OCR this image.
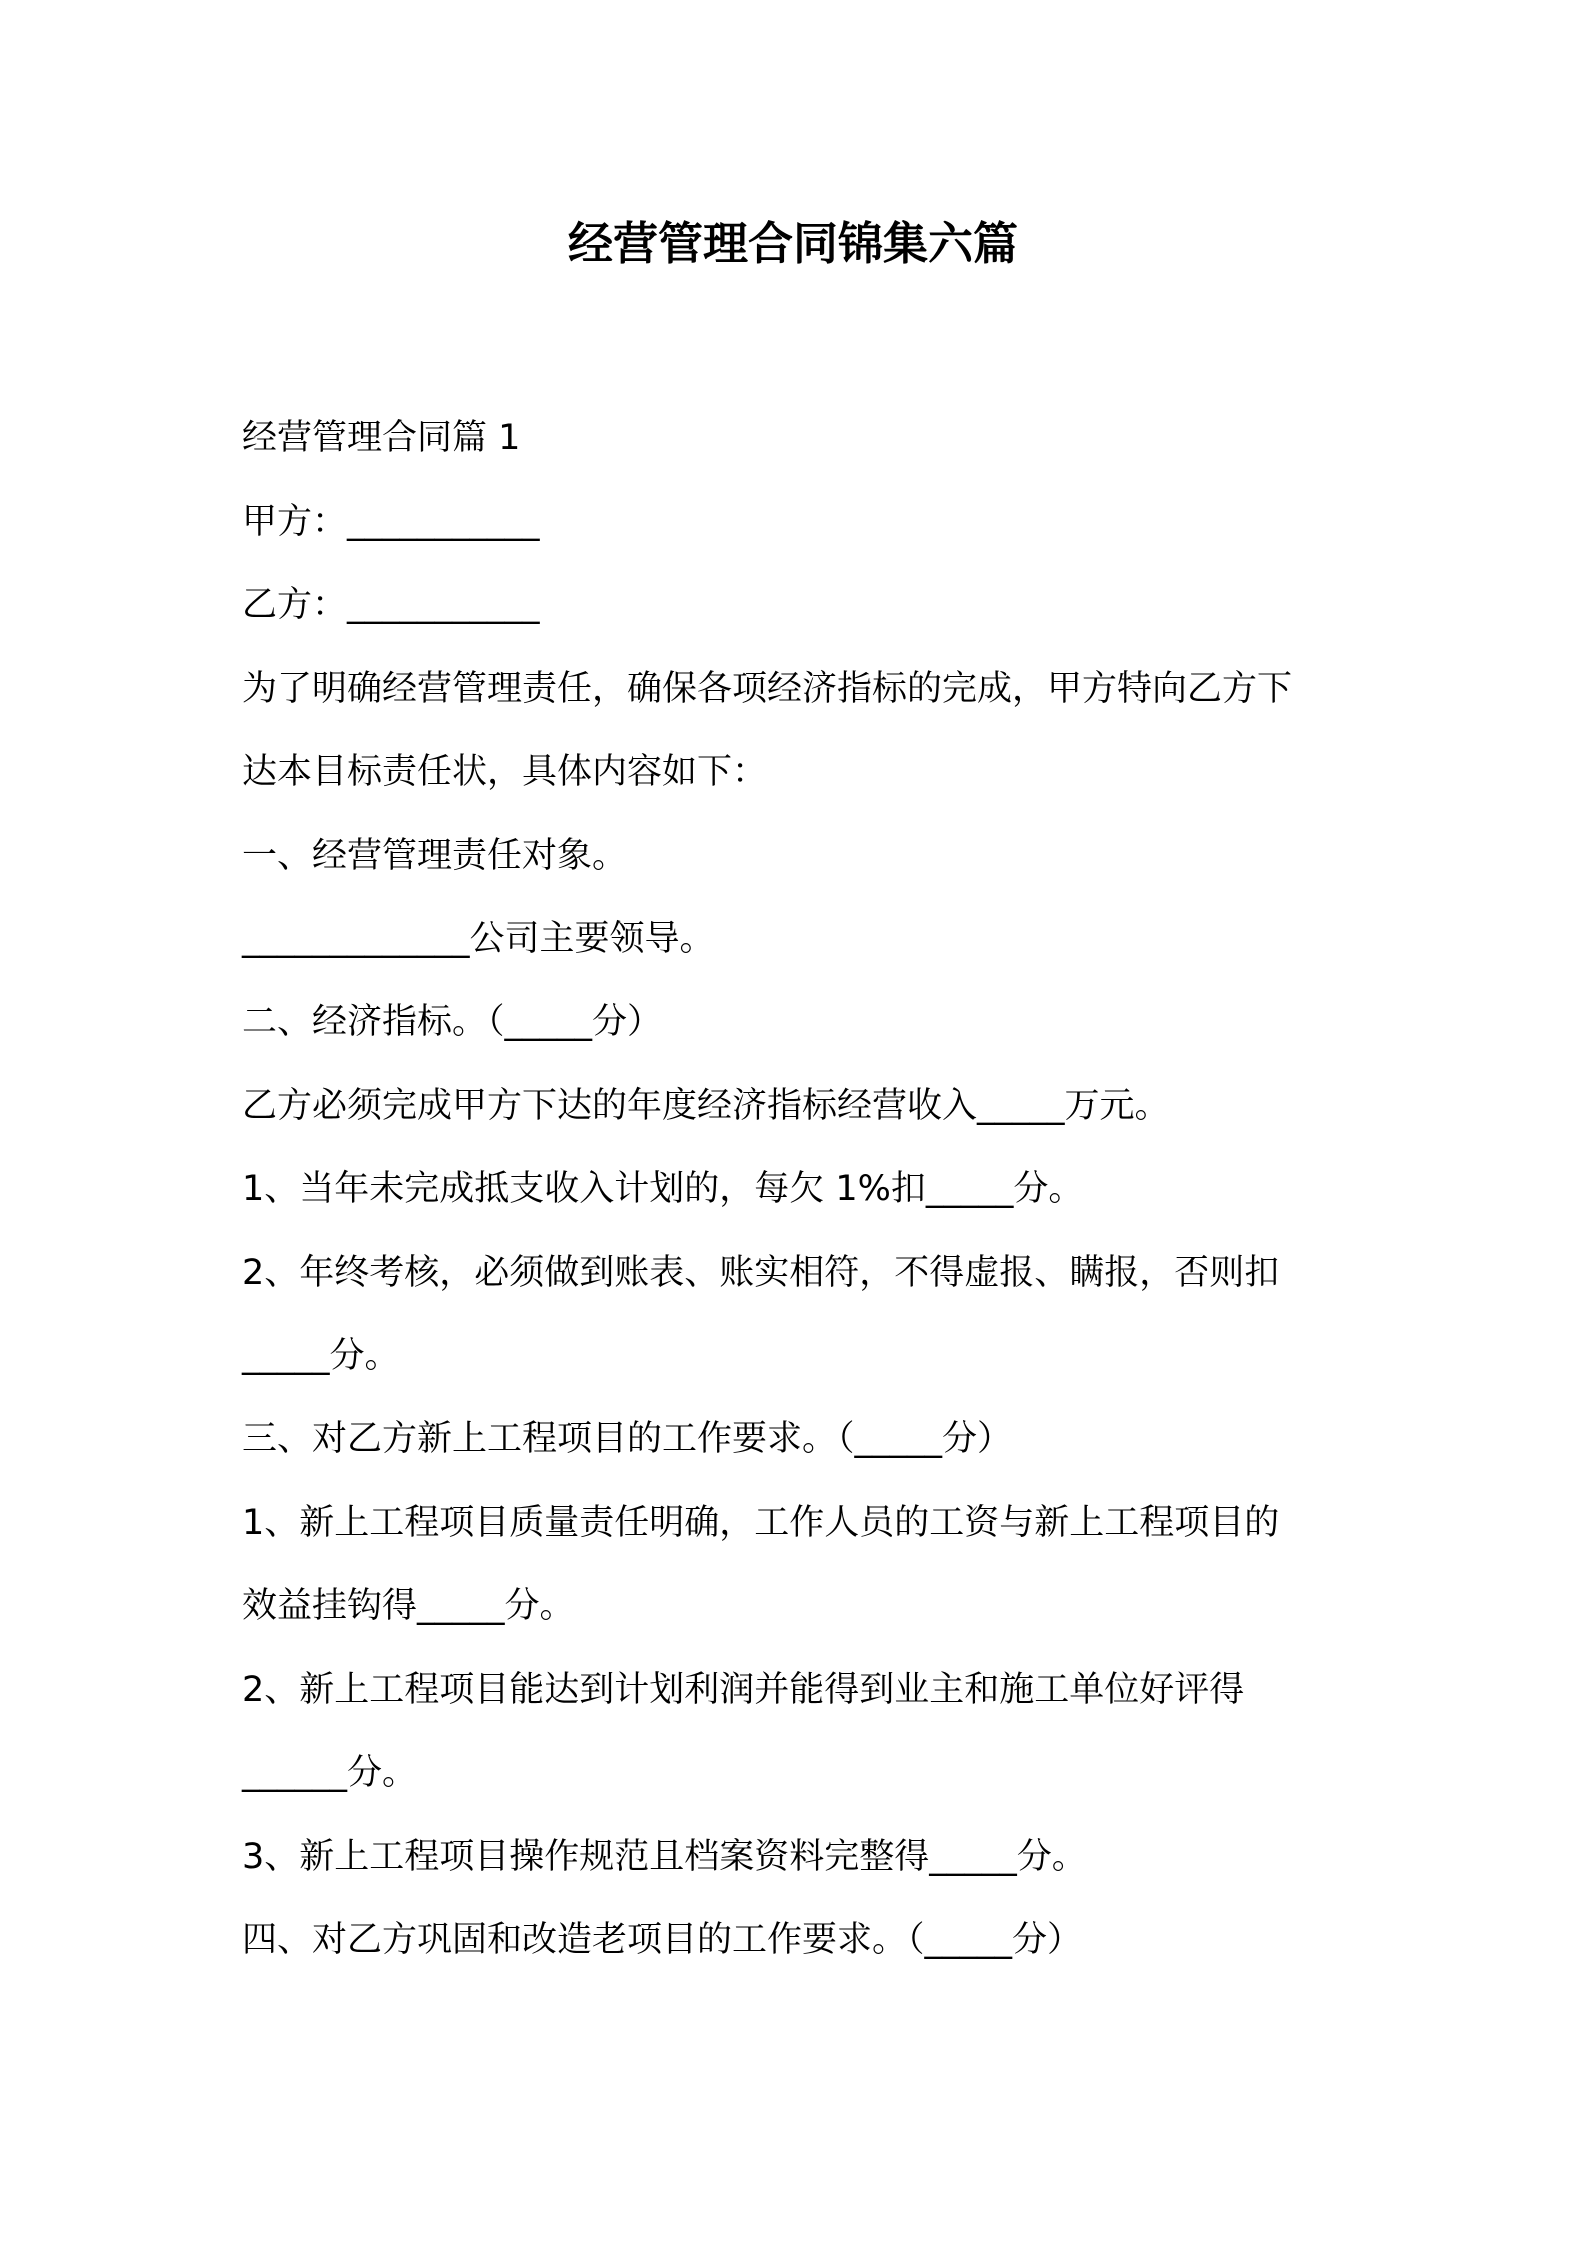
经营管理合同锦集六篇
经营管理合同篇 1
甲方：___________
乙方：___________
为了明确经营管理责任，确保各项经济指标的完成，甲方特向乙方下
达本目标责任状，具体内容如下：
一、经营管理责任对象。
_____________公司主要领导。
二、经济指标。（_____分）
乙方必须完成甲方下达的年度经济指标经营收入_____万元。
1、当年未完成抵支收入计划的，每欠 1%扣_____分。
2、年终考核，必须做到账表、账实相符，不得虚报、瞒报，否则扣
_____分。
三、对乙方新上工程项目的工作要求。（_____分）
1、新上工程项目质量责任明确，工作人员的工资与新上工程项目的
效益挂钩得_____分。
2、新上工程项目能达到计划利润并能得到业主和施工单位好评得
______分。
3、新上工程项目操作规范且档案资料完整得_____分。
四、对乙方巩固和改造老项目的工作要求。（_____分）
